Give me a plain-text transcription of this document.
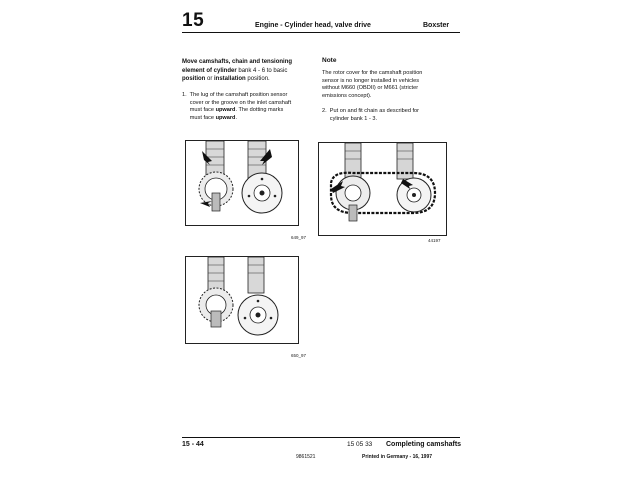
15	Engine - Cylinder head, valve drive	Boxster
Move camshafts, chain and tensioning
element of cylinder bank 4 - 6 to basic
position or installation position.
1.  The lug of the camshaft position sensor
cover or the groove on the inlet camshaft
must face upward. The dotting marks
must face upward.
Note
The rotor cover for the camshaft position
sensor is no longer installed in vehicles
without M660 (OBDII) or M661 (stricter
emissions concept).
2.  Put on and fit chain as described for
cylinder bank 1 - 3.
649_97
44197
650_97
15 - 44	15 05 33 Completing camshafts
9861521	Printed in Germany - 16, 1997
